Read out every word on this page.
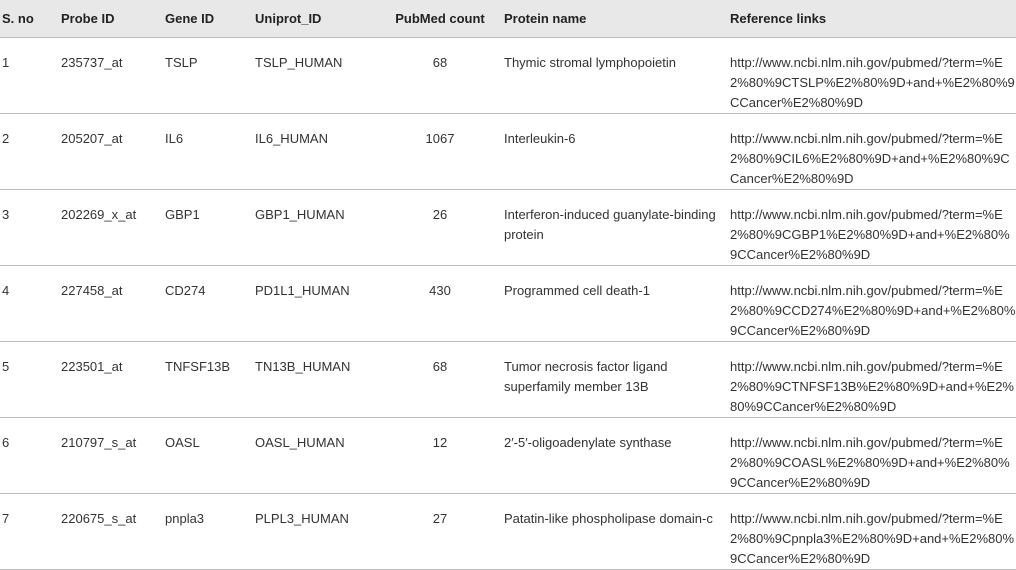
S. no	Probe ID	Gene ID	Uniprot_ID	PubMed count	Protein name	Reference links
1	235737_at	TSLP	TSLP_HUMAN	68	Thymic stromal lymphopoietin	http://www.ncbi.nlm.nih.gov/pubmed/?term=%E2%80%9CTSLP%E2%80%9D+and+%E2%80%9CCancer%E2%80%9D
2	205207_at	IL6	IL6_HUMAN	1067	Interleukin-6	http://www.ncbi.nlm.nih.gov/pubmed/?term=%E2%80%9CIL6%E2%80%9D+and+%E2%80%9CCancer%E2%80%9D
3	202269_x_at	GBP1	GBP1_HUMAN	26	Interferon-induced guanylate-binding protein	http://www.ncbi.nlm.nih.gov/pubmed/?term=%E2%80%9CGBP1%E2%80%9D+and+%E2%80%9CCancer%E2%80%9D
4	227458_at	CD274	PD1L1_HUMAN	430	Programmed cell death-1	http://www.ncbi.nlm.nih.gov/pubmed/?term=%E2%80%9CCD274%E2%80%9D+and+%E2%80%9CCancer%E2%80%9D
5	223501_at	TNFSF13B	TN13B_HUMAN	68	Tumor necrosis factor ligand superfamily member 13B	http://www.ncbi.nlm.nih.gov/pubmed/?term=%E2%80%9CTNFSF13B%E2%80%9D+and+%E2%80%9CCancer%E2%80%9D
6	210797_s_at	OASL	OASL_HUMAN	12	2′-5′-oligoadenylate synthase	http://www.ncbi.nlm.nih.gov/pubmed/?term=%E2%80%9COASL%E2%80%9D+and+%E2%80%9CCancer%E2%80%9D
7	220675_s_at	pnpla3	PLPL3_HUMAN	27	Patatin-like phospholipase domain-c	http://www.ncbi.nlm.nih.gov/pubmed/?term=%E2%80%9Cpnpla3%E2%80%9D+and+%E2%80%9CCancer%E2%80%9D
